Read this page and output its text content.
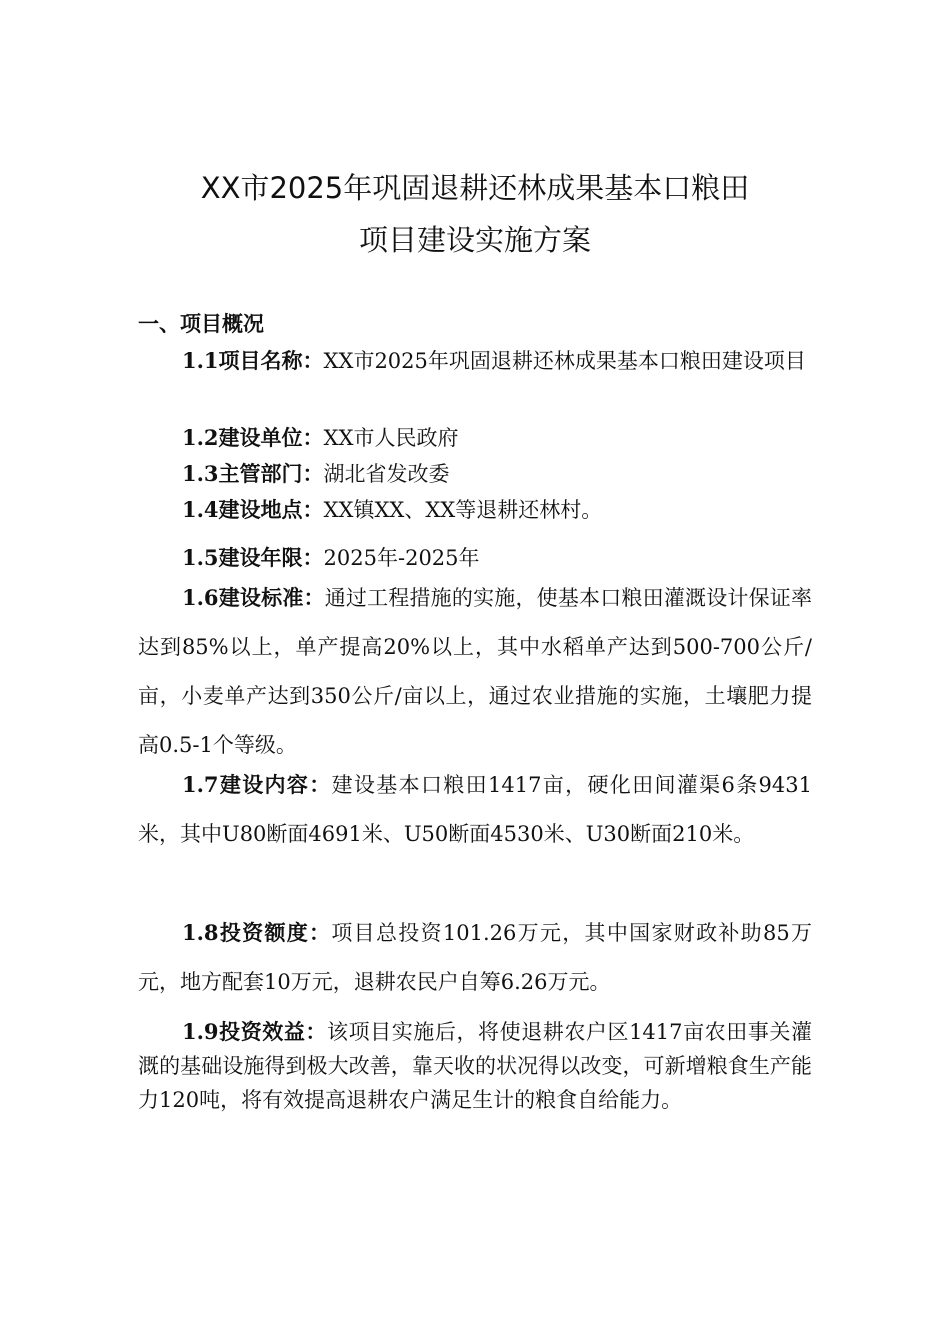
XX市2025年巩固退耕还林成果基本口粮田
项目建设实施方案
一、项目概况

1.1项目名称：XX市2025年巩固退耕还林成果基本口粮田建设项目

1.2建设单位：XX市人民政府

1.3主管部门：湖北省发改委

1.4建设地点：XX镇XX、XX等退耕还林村。

1.5建设年限：2025年-2025年

1.6建设标准：通过工程措施的实施，使基本口粮田灌溉设计保证率达到85%以上，单产提高20%以上，其中水稻单产达到500-700公斤/亩，小麦单产达到350公斤/亩以上，通过农业措施的实施，土壤肥力提高0.5-1个等级。

1.7建设内容：建设基本口粮田1417亩，硬化田间灌渠6条9431米，其中U80断面4691米、U50断面4530米、U30断面210米。

1.8投资额度：项目总投资101.26万元，其中国家财政补助85万元，地方配套10万元，退耕农民户自筹6.26万元。

1.9投资效益：该项目实施后，将使退耕农户区1417亩农田事关灌溉的基础设施得到极大改善，靠天收的状况得以改变，可新增粮食生产能力120吨，将有效提高退耕农户满足生计的粮食自给能力。
